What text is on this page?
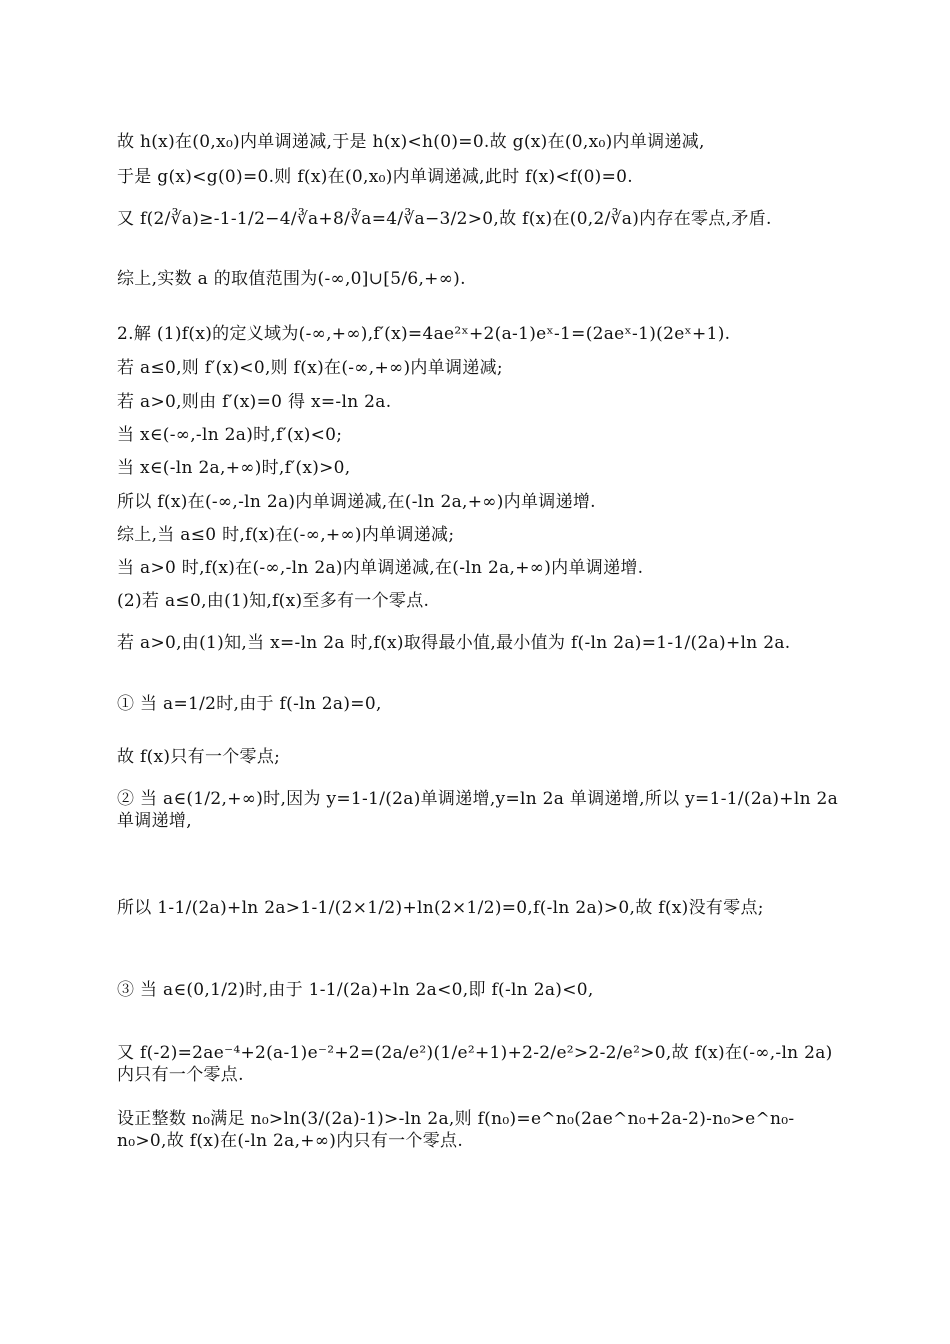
故 h(x)在(0,x₀)内单调递减,于是 h(x)<h(0)=0.故 g(x)在(0,x₀)内单调递减,
于是 g(x)<g(0)=0.则 f(x)在(0,x₀)内单调递减,此时 f(x)<f(0)=0.
又 f(2/∛a)≥-1-1/2−4/∛a+8/∛a=4/∛a−3/2>0,故 f(x)在(0,2/∛a)内存在零点,矛盾.
综上,实数 a 的取值范围为(-∞,0]∪[5/6,+∞).
2.解 (1)f(x)的定义域为(-∞,+∞),f′(x)=4ae²ˣ+2(a-1)eˣ-1=(2aeˣ-1)(2eˣ+1).
若 a≤0,则 f′(x)<0,则 f(x)在(-∞,+∞)内单调递减;
若 a>0,则由 f′(x)=0 得 x=-ln 2a.
当 x∈(-∞,-ln 2a)时,f′(x)<0;
当 x∈(-ln 2a,+∞)时,f′(x)>0,
所以 f(x)在(-∞,-ln 2a)内单调递减,在(-ln 2a,+∞)内单调递增.
综上,当 a≤0 时,f(x)在(-∞,+∞)内单调递减;
当 a>0 时,f(x)在(-∞,-ln 2a)内单调递减,在(-ln 2a,+∞)内单调递增.
(2)若 a≤0,由(1)知,f(x)至多有一个零点.
若 a>0,由(1)知,当 x=-ln 2a 时,f(x)取得最小值,最小值为 f(-ln 2a)=1-1/(2a)+ln 2a.
① 当 a=1/2时,由于 f(-ln 2a)=0,
故 f(x)只有一个零点;
② 当 a∈(1/2,+∞)时,因为 y=1-1/(2a)单调递增,y=ln 2a 单调递增,所以 y=1-1/(2a)+ln 2a 单调递增,
所以 1-1/(2a)+ln 2a>1-1/(2×1/2)+ln(2×1/2)=0,f(-ln 2a)>0,故 f(x)没有零点;
③ 当 a∈(0,1/2)时,由于 1-1/(2a)+ln 2a<0,即 f(-ln 2a)<0,
又 f(-2)=2ae⁻⁴+2(a-1)e⁻²+2=(2a/e²)(1/e²+1)+2-2/e²>2-2/e²>0,故 f(x)在(-∞,-ln 2a)内只有一个零点.
设正整数 n₀满足 n₀>ln(3/(2a)-1)>-ln 2a,则 f(n₀)=e^n₀(2ae^n₀+2a-2)-n₀>e^n₀-n₀>0,故 f(x)在(-ln 2a,+∞)内只有一个零点.
